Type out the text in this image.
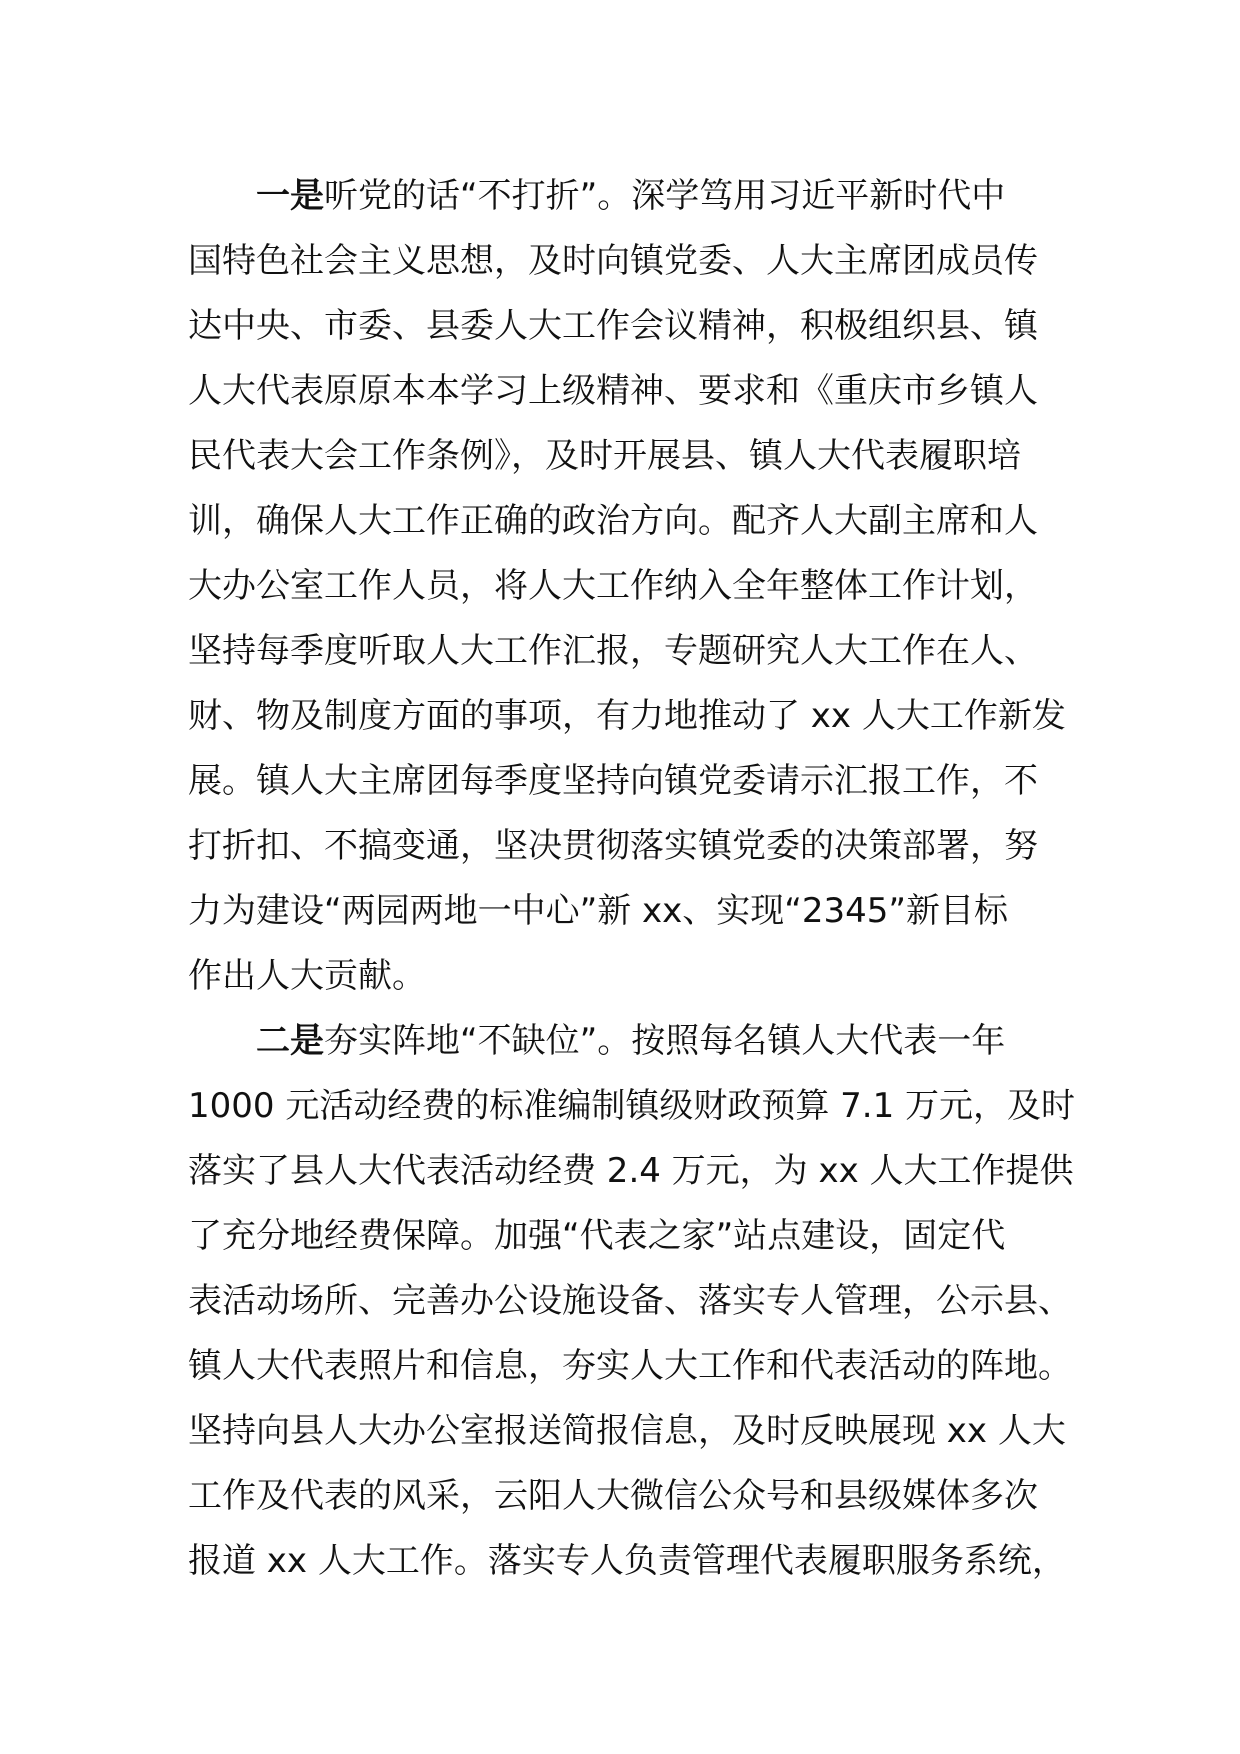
一是听党的话“不打折”。深学笃用习近平新时代中
国特色社会主义思想，及时向镇党委、人大主席团成员传
达中央、市委、县委人大工作会议精神，积极组织县、镇
人大代表原原本本学习上级精神、要求和《重庆市乡镇人
民代表大会工作条例》，及时开展县、镇人大代表履职培
训，确保人大工作正确的政治方向。配齐人大副主席和人
大办公室工作人员，将人大工作纳入全年整体工作计划，
坚持每季度听取人大工作汇报，专题研究人大工作在人、
财、物及制度方面的事项，有力地推动了 xx 人大工作新发
展。镇人大主席团每季度坚持向镇党委请示汇报工作，不
打折扣、不搞变通，坚决贯彻落实镇党委的决策部署，努
力为建设“两园两地一中心”新 xx、实现“2345”新目标
作出人大贡献。
二是夯实阵地“不缺位”。按照每名镇人大代表一年
1000 元活动经费的标准编制镇级财政预算 7.1 万元，及时
落实了县人大代表活动经费 2.4 万元，为 xx 人大工作提供
了充分地经费保障。加强“代表之家”站点建设，固定代
表活动场所、完善办公设施设备、落实专人管理，公示县、
镇人大代表照片和信息，夯实人大工作和代表活动的阵地。
坚持向县人大办公室报送简报信息，及时反映展现 xx 人大
工作及代表的风采，云阳人大微信公众号和县级媒体多次
报道 xx 人大工作。落实专人负责管理代表履职服务系统，
